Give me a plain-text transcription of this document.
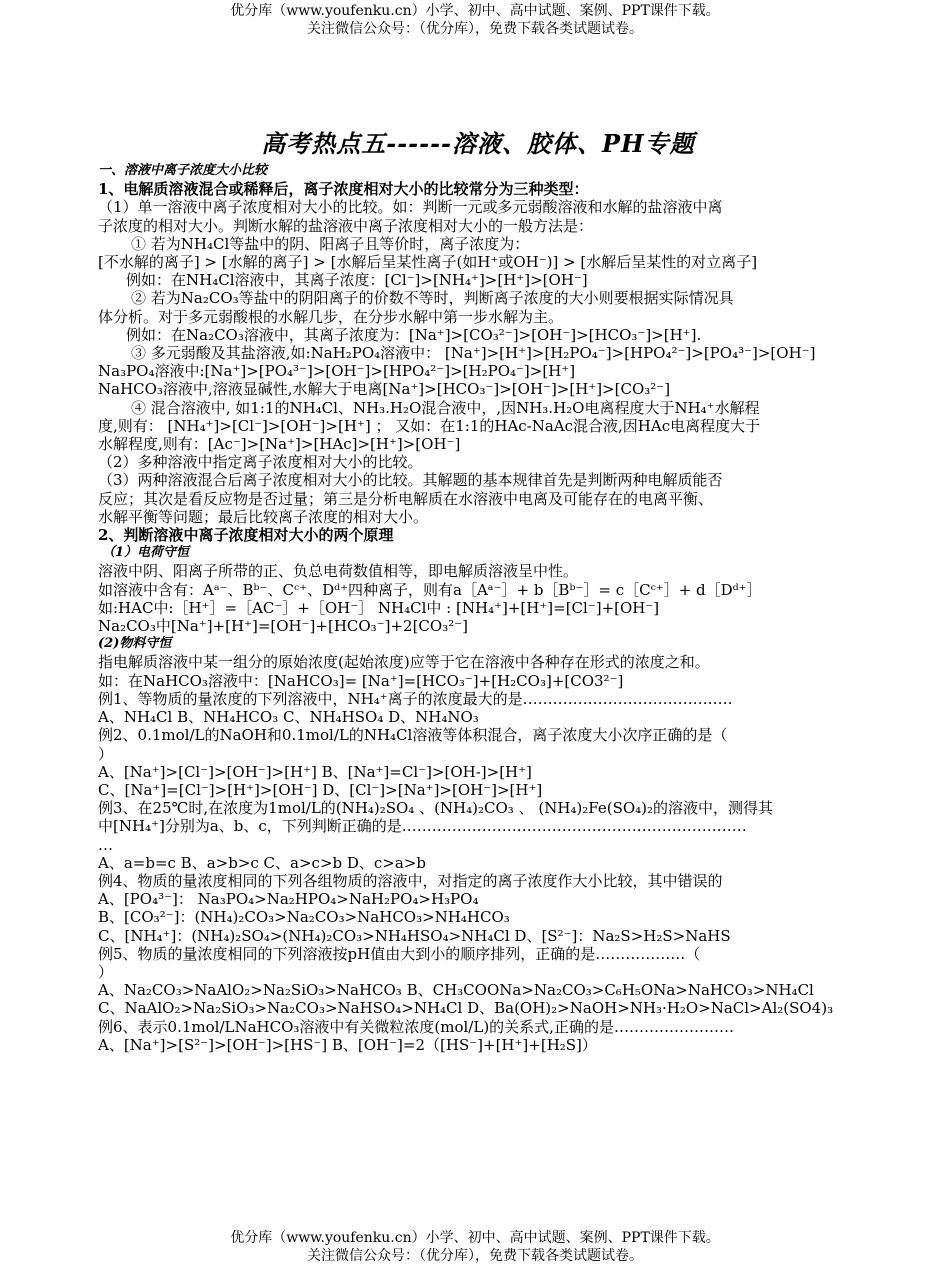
优分库（www.youfenku.cn）小学、初中、高中试题、案例、PPT课件下载。
关注微信公众号：（优分库），免费下载各类试题试卷。
高考热点五------溶液、胶体、PH专题

一、溶液中离子浓度大小比较

1、电解质溶液混合或稀释后，离子浓度相对大小的比较常分为三种类型：

（1）单一溶液中离子浓度相对大小的比较。如：判断一元或多元弱酸溶液和水解的盐溶液中离

子浓度的相对大小。判断水解的盐溶液中离子浓度相对大小的一般方法是：

① 若为NH₄Cl等盐中的阴、阳离子且等价时，离子浓度为：

[不水解的离子] > [水解的离子] > [水解后呈某性离子(如H⁺或OH⁻)] > [水解后呈某性的对立离子]

例如：在NH₄Cl溶液中，其离子浓度：[Cl⁻]>[NH₄⁺]>[H⁺]>[OH⁻]

② 若为Na₂CO₃等盐中的阴阳离子的价数不等时，判断离子浓度的大小则要根据实际情况具

体分析。对于多元弱酸根的水解几步，在分步水解中第一步水解为主。

例如：在Na₂CO₃溶液中，其离子浓度为：[Na⁺]>[CO₃²⁻]>[OH⁻]>[HCO₃⁻]>[H⁺].

③ 多元弱酸及其盐溶液,如:NaH₂PO₄溶液中： [Na⁺]>[H⁺]>[H₂PO₄⁻]>[HPO₄²⁻]>[PO₄³⁻]>[OH⁻]

Na₃PO₄溶液中:[Na⁺]>[PO₄³⁻]>[OH⁻]>[HPO₄²⁻]>[H₂PO₄⁻]>[H⁺]

NaHCO₃溶液中,溶液显碱性,水解大于电离[Na⁺]>[HCO₃⁻]>[OH⁻]>[H⁺]>[CO₃²⁻]

④ 混合溶液中, 如1:1的NH₄Cl、NH₃.H₂O混合液中，,因NH₃.H₂O电离程度大于NH₄⁺水解程

度,则有： [NH₄⁺]>[Cl⁻]>[OH⁻]>[H⁺] ； 又如：在1:1的HAc-NaAc混合液,因HAc电离程度大于

水解程度,则有：[Ac⁻]>[Na⁺]>[HAc]>[H⁺]>[OH⁻]

（2）多种溶液中指定离子浓度相对大小的比较。

（3）两种溶液混合后离子浓度相对大小的比较。其解题的基本规律首先是判断两种电解质能否

反应；其次是看反应物是否过量；第三是分析电解质在水溶液中电离及可能存在的电离平衡、

水解平衡等问题；最后比较离子浓度的相对大小。

2、判断溶液中离子浓度相对大小的两个原理

（1）电荷守恒

溶液中阴、阳离子所带的正、负总电荷数值相等，即电解质溶液呈中性。

如溶液中含有：Aᵃ⁻、Bᵇ⁻、Cᶜ⁺、Dᵈ⁺四种离子，则有a［Aᵃ⁻］+ b［Bᵇ⁻］= c［Cᶜ⁺］+ d［Dᵈ⁺］

如:HAC中:［H⁺］=［AC⁻］+［OH⁻］ NH₄Cl中 : [NH₄⁺]+[H⁺]=[Cl⁻]+[OH⁻]

Na₂CO₃中[Na⁺]+[H⁺]=[OH⁻]+[HCO₃⁻]+2[CO₃²⁻]

(2)物料守恒

指电解质溶液中某一组分的原始浓度(起始浓度)应等于它在溶液中各种存在形式的浓度之和。

如：在NaHCO₃溶液中：[NaHCO₃]= [Na⁺]=[HCO₃⁻]+[H₂CO₃]+[CO3²⁻]

例1、等物质的量浓度的下列溶液中，NH₄⁺离子的浓度最大的是……………………………………

A、NH₄Cl B、NH₄HCO₃ C、NH₄HSO₄ D、NH₄NO₃

例2、0.1mol/L的NaOH和0.1mol/L的NH₄Cl溶液等体积混合，离子浓度大小次序正确的是（

）

A、[Na⁺]>[Cl⁻]>[OH⁻]>[H⁺] B、[Na⁺]=Cl⁻]>[OH-]>[H⁺]

C、[Na⁺]=[Cl⁻]>[H⁺]>[OH⁻] D、[Cl⁻]>[Na⁺]>[OH⁻]>[H⁺]

例3、在25℃时,在浓度为1mol/L的(NH₄)₂SO₄ 、(NH₄)₂CO₃ 、 (NH₄)₂Fe(SO₄)₂的溶液中，测得其

中[NH₄⁺]分别为a、b、c，下列判断正确的是……………………………………………………………

…

A、a=b=c B、a>b>c C、a>c>b D、c>a>b

例4、物质的量浓度相同的下列各组物质的溶液中，对指定的离子浓度作大小比较，其中错误的

A、[PO₄³⁻]： Na₃PO₄>Na₂HPO₄>NaH₂PO₄>H₃PO₄

B、[CO₃²⁻]：(NH₄)₂CO₃>Na₂CO₃>NaHCO₃>NH₄HCO₃

C、[NH₄⁺]：(NH₄)₂SO₄>(NH₄)₂CO₃>NH₄HSO₄>NH₄Cl D、[S²⁻]：Na₂S>H₂S>NaHS

例5、物质的量浓度相同的下列溶液按pH值由大到小的顺序排列，正确的是………………（

）

A、Na₂CO₃>NaAlO₂>Na₂SiO₃>NaHCO₃ B、CH₃COONa>Na₂CO₃>C₆H₅ONa>NaHCO₃>NH₄Cl

C、NaAlO₂>Na₂SiO₃>Na₂CO₃>NaHSO₄>NH₄Cl D、Ba(OH)₂>NaOH>NH₃·H₂O>NaCl>Al₂(SO4)₃

例6、表示0.1mol/LNaHCO₃溶液中有关微粒浓度(mol/L)的关系式,正确的是……………………

A、[Na⁺]>[S²⁻]>[OH⁻]>[HS⁻] B、[OH⁻]=2（[HS⁻]+[H⁺]+[H₂S]）

优分库（www.youfenku.cn）小学、初中、高中试题、案例、PPT课件下载。
关注微信公众号：（优分库），免费下载各类试题试卷。
